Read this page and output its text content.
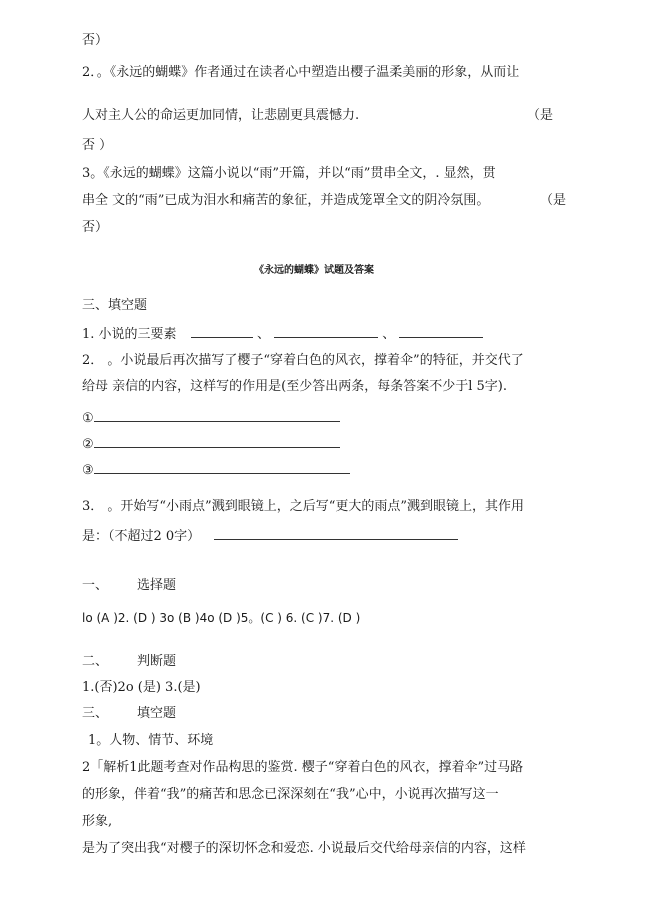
否）
2．。《永远的蝴蝶》作者通过在读者心中塑造出樱子温柔美丽的形象，从而让
人对主人公的命运更加同情，让悲剧更具震憾力.	（是
否 ）
3。《永远的蝴蝶》这篇小说以“雨”开篇，并以“雨”贯串全文，. 显然，贯
串全 文的“雨”已成为泪水和痛苦的象征，并造成笼罩全文的阴冷氛围。	（是
否）
《永远的蝴蝶》试题及答案
三、填空题
1. 小说的三要素	、	、
2． 。小说最后再次描写了樱子“穿着白色的风衣，撑着伞”的特征，并交代了
给母 亲信的内容，这样写的作用是(至少答出两条，每条答案不少于l 5字).
①
②
③
3． 。开始写“小雨点”溅到眼镜上，之后写“更大的雨点”溅到眼镜上，其作用
是：（不超过2 0字）
一、 选择题
lo (A )2. (D ) 3o (B )4o (D )5。(C ) 6. (C )7. (D )
二、 判断题
1.(否)2o (是) 3.(是)
三、 填空题
1。人物、情节、环境
2「解析1此题考查对作品构思的鉴赏. 樱子“穿着白色的风衣，撑着伞”过马路
的形象，伴着“我”的痛苦和思念已深深刻在“我”心中，小说再次描写这一
形象,
是为了突出我“对樱子的深切怀念和爱恋. 小说最后交代给母亲信的内容，这样
